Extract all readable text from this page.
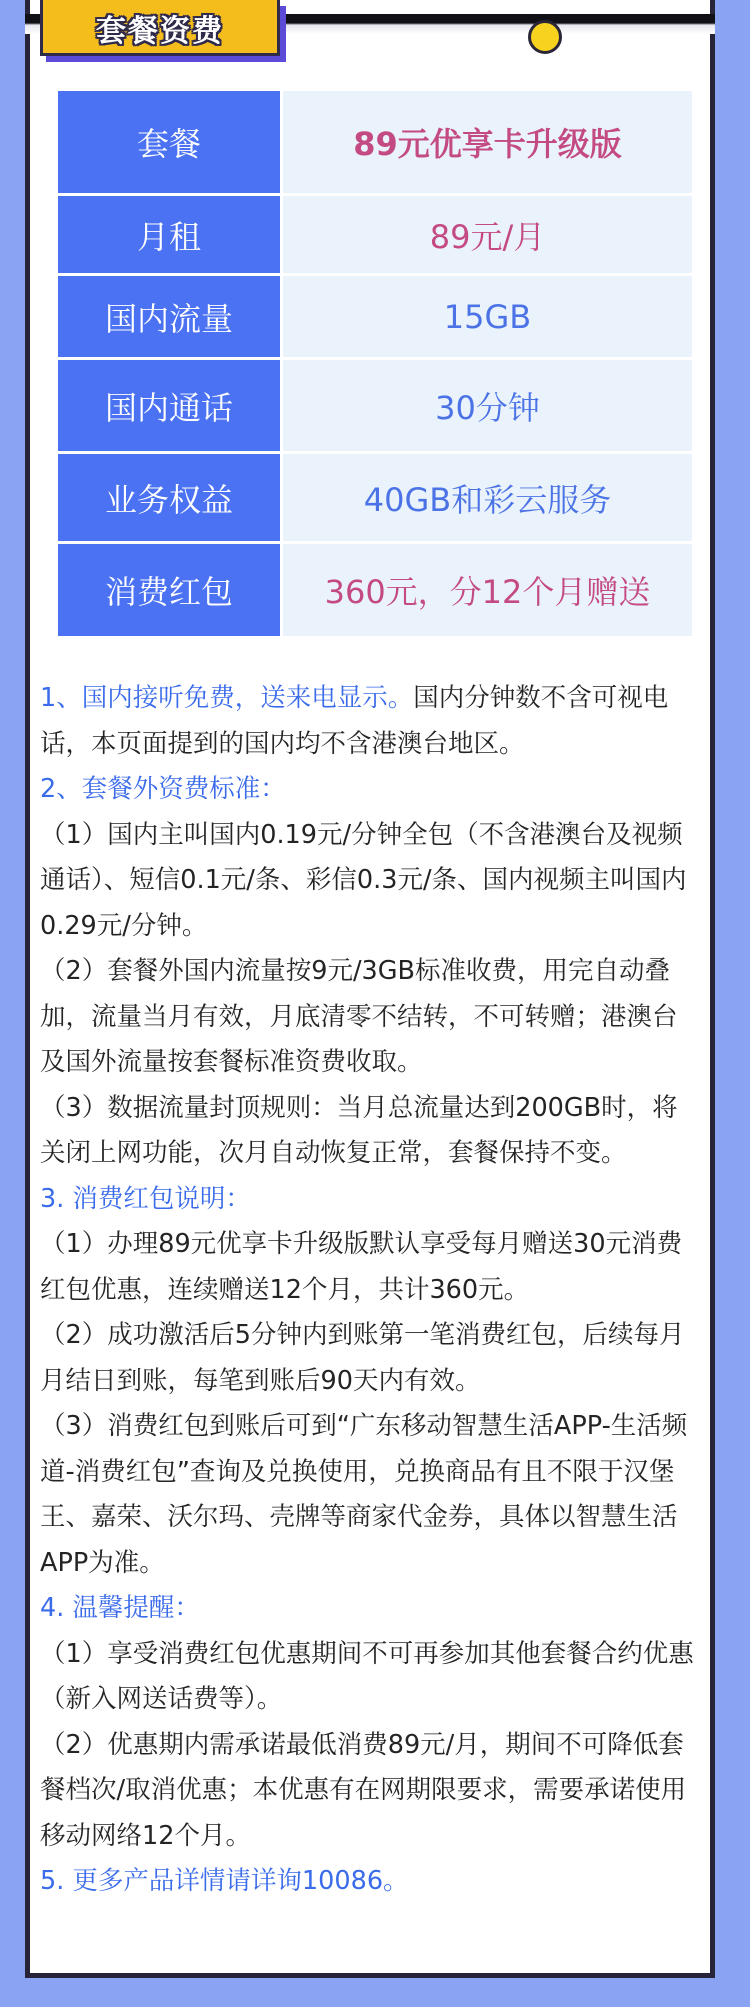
套餐资费
套餐	89元优享卡升级版
月租	89元/月
国内流量	15GB
国内通话	30分钟
业务权益	40GB和彩云服务
消费红包	360元，分12个月赠送

1、国内接听免费，送来电显示。国内分钟数不含可视电话，本页面提到的国内均不含港澳台地区。

2、套餐外资费标准：

（1）国内主叫国内0.19元/分钟全包（不含港澳台及视频通话）、短信0.1元/条、彩信0.3元/条、国内视频主叫国内0.29元/分钟。

（2）套餐外国内流量按9元/3GB标准收费，用完自动叠加，流量当月有效，月底清零不结转，不可转赠；港澳台及国外流量按套餐标准资费收取。

（3）数据流量封顶规则：当月总流量达到200GB时，将关闭上网功能，次月自动恢复正常，套餐保持不变。

3. 消费红包说明：

（1）办理89元优享卡升级版默认享受每月赠送30元消费红包优惠，连续赠送12个月，共计360元。

（2）成功激活后5分钟内到账第一笔消费红包，后续每月月结日到账，每笔到账后90天内有效。

（3）消费红包到账后可到“广东移动智慧生活APP-生活频道-消费红包”查询及兑换使用，兑换商品有且不限于汉堡王、嘉荣、沃尔玛、壳牌等商家代金券，具体以智慧生活APP为准。

4. 温馨提醒：

（1）享受消费红包优惠期间不可再参加其他套餐合约优惠（新入网送话费等）。

（2）优惠期内需承诺最低消费89元/月，期间不可降低套餐档次/取消优惠；本优惠有在网期限要求，需要承诺使用移动网络12个月。

5. 更多产品详情请详询10086。
